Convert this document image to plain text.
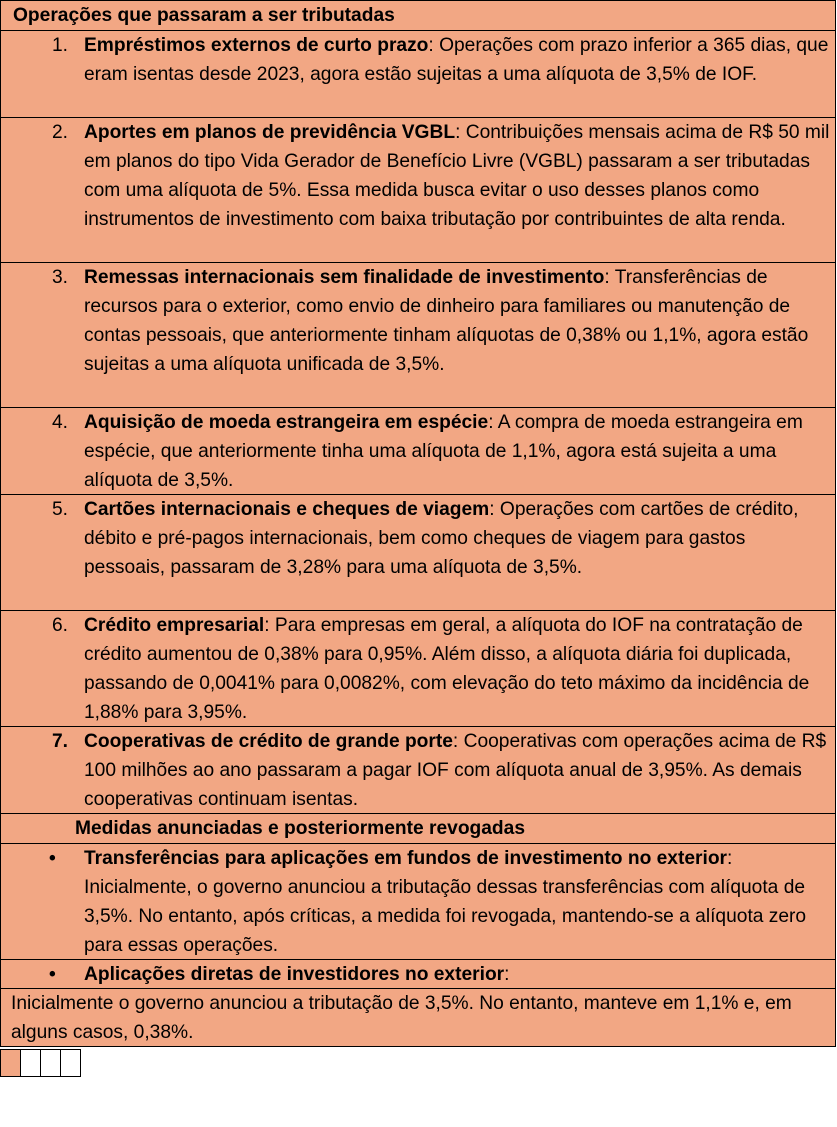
Operações que passaram a ser tributadas
1. Empréstimos externos de curto prazo: Operações com prazo inferior a 365 dias, que eram isentas desde 2023, agora estão sujeitas a uma alíquota de 3,5% de IOF.
2. Aportes em planos de previdência VGBL: Contribuições mensais acima de R$ 50 mil em planos do tipo Vida Gerador de Benefício Livre (VGBL) passaram a ser tributadas com uma alíquota de 5%. Essa medida busca evitar o uso desses planos como instrumentos de investimento com baixa tributação por contribuintes de alta renda.
3. Remessas internacionais sem finalidade de investimento: Transferências de recursos para o exterior, como envio de dinheiro para familiares ou manutenção de contas pessoais, que anteriormente tinham alíquotas de 0,38% ou 1,1%, agora estão sujeitas a uma alíquota unificada de 3,5%.
4. Aquisição de moeda estrangeira em espécie: A compra de moeda estrangeira em espécie, que anteriormente tinha uma alíquota de 1,1%, agora está sujeita a uma alíquota de 3,5%.
5. Cartões internacionais e cheques de viagem: Operações com cartões de crédito, débito e pré-pagos internacionais, bem como cheques de viagem para gastos pessoais, passaram de 3,28% para uma alíquota de 3,5%.
6. Crédito empresarial: Para empresas em geral, a alíquota do IOF na contratação de crédito aumentou de 0,38% para 0,95%. Além disso, a alíquota diária foi duplicada, passando de 0,0041% para 0,0082%, com elevação do teto máximo da incidência de 1,88% para 3,95%.
7. Cooperativas de crédito de grande porte: Cooperativas com operações acima de R$ 100 milhões ao ano passaram a pagar IOF com alíquota anual de 3,95%. As demais cooperativas continuam isentas.
Medidas anunciadas e posteriormente revogadas
•	Transferências para aplicações em fundos de investimento no exterior: Inicialmente, o governo anunciou a tributação dessas transferências com alíquota de 3,5%. No entanto, após críticas, a medida foi revogada, mantendo-se a alíquota zero para essas operações.
•	Aplicações diretas de investidores no exterior:
Inicialmente o governo anunciou a tributação de 3,5%. No entanto, manteve em 1,1% e, em alguns casos, 0,38%.
